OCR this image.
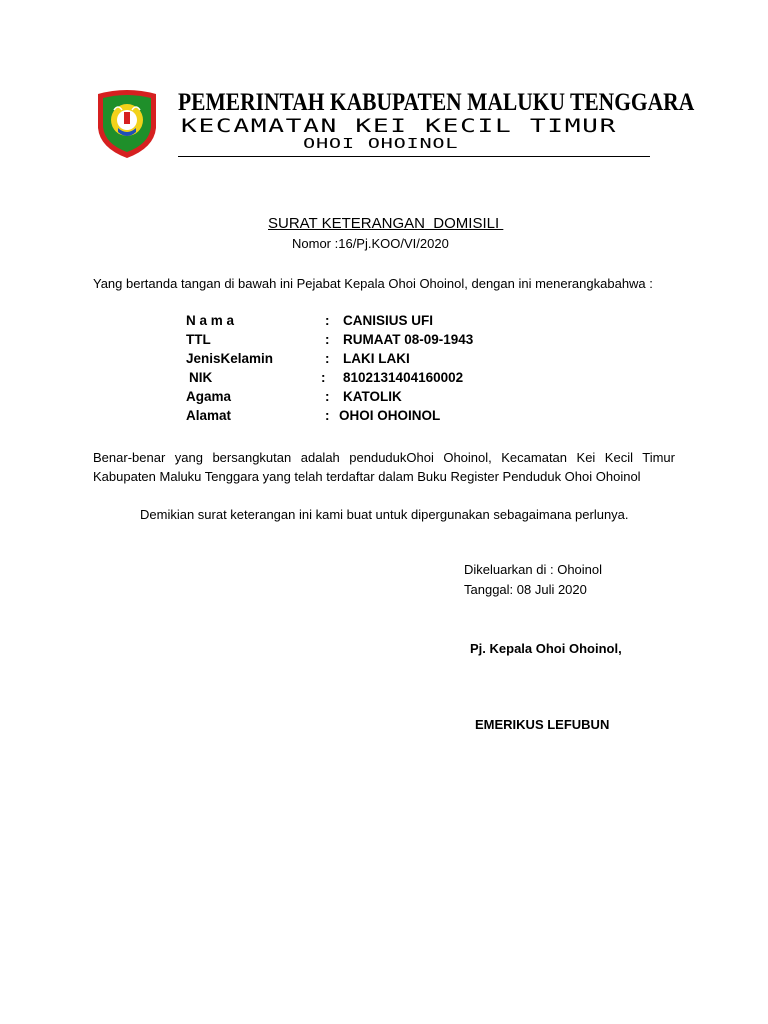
PEMERINTAH KABUPATEN MALUKU TENGGARA
KECAMATAN KEI KECIL TIMUR
OHOI OHOINOL
SURAT KETERANGAN  DOMISILI
Nomor :16/Pj.KOO/VI/2020
Yang bertanda tangan di bawah ini Pejabat Kepala Ohoi Ohoinol, dengan ini menerangkabahwa :
N a m a	: CANISIUS UFI
TTL	: RUMAAT 08-09-1943
JenisKelamin	: LAKI LAKI
NIK	: 8102131404160002
Agama	: KATOLIK
Alamat	: OHOI OHOINOL
Benar-benar yang bersangkutan adalah pendudukOhoi Ohoinol, Kecamatan Kei Kecil Timur
Kabupaten Maluku Tenggara yang telah terdaftar dalam Buku Register Penduduk Ohoi Ohoinol
Demikian surat keterangan ini kami buat untuk dipergunakan sebagaimana perlunya.
Dikeluarkan di : Ohoinol
Tanggal: 08 Juli 2020
Pj. Kepala Ohoi Ohoinol,
EMERIKUS LEFUBUN
